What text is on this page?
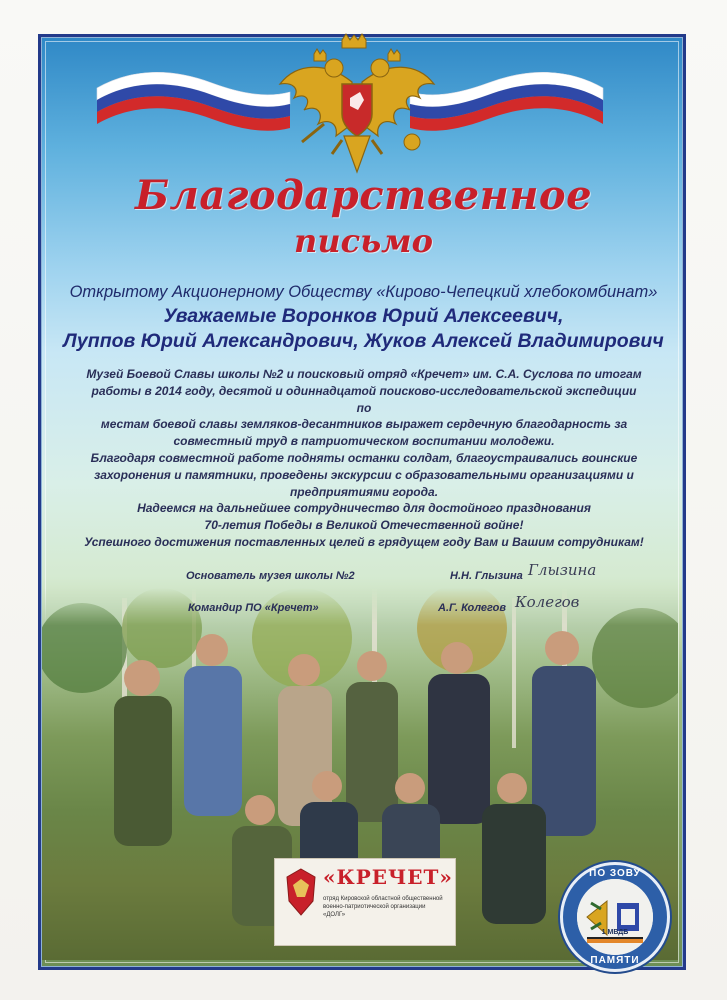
Благодарственное
письмо
Открытому Акционерному Обществу «Кирово-Чепецкий хлебокомбинат»
Уважаемые Воронков Юрий Алексеевич,
Луппов Юрий Александрович, Жуков Алексей Владимирович
Музей Боевой Славы школы №2 и поисковый отряд «Кречет» им. С.А. Суслова по итогам
работы в 2014 году, десятой и одиннадцатой поисково-исследовательской экспедиции по
местам боевой славы земляков-десантников выражет сердечную благодарность за
совместный труд в патриотическом воспитании молодежи.
Благодаря совместной работе подняты останки солдат, благоустраивались воинские
захоронения и памятники, проведены экскурсии с образовательными организациями и
предприятиями города.
Надеемся на дальнейшее сотрудничество для достойного празднования
70-летия Победы в Великой Отечественной войне!
Успешного достижения поставленных целей в грядущем году Вам и Вашим сотрудникам!
Основатель музея школы №2	Н.Н. Глызина Глызина
Командир ПО «Кречет»	А.Г. Колегов Колегов
«КРЕЧЕТ»
отряд Кировской областной общественной военно-патриотической организации «ДОЛГ»
ПО ЗОВУ
1 МВДБ
ПАМЯТИ
